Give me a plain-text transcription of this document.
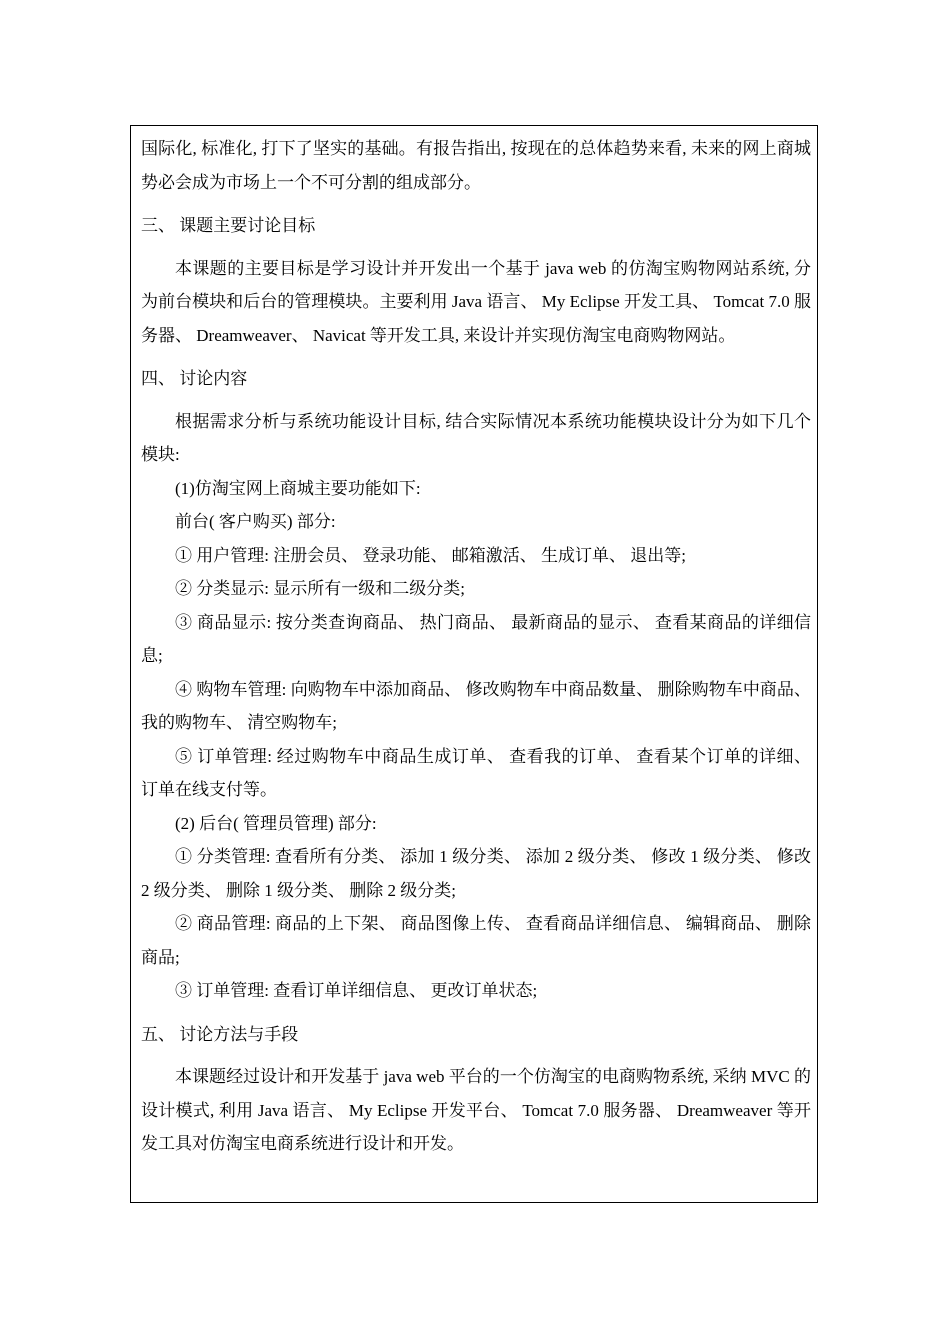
国际化, 标准化, 打下了坚实的基础。有报告指出, 按现在的总体趋势来看, 未来的网上商城势必会成为市场上一个不可分割的组成部分。

三、 课题主要讨论目标

本课题的主要目标是学习设计并开发出一个基于 java web 的仿淘宝购物网站系统, 分为前台模块和后台的管理模块。主要利用 Java 语言、 My Eclipse 开发工具、 Tomcat 7.0 服务器、 Dreamweaver、 Navicat 等开发工具, 来设计并实现仿淘宝电商购物网站。

四、 讨论内容

根据需求分析与系统功能设计目标, 结合实际情况本系统功能模块设计分为如下几个模块:

(1)仿淘宝网上商城主要功能如下:

前台( 客户购买) 部分:

① 用户管理: 注册会员、 登录功能、 邮箱激活、 生成订单、 退出等;

② 分类显示: 显示所有一级和二级分类;

③ 商品显示: 按分类查询商品、 热门商品、 最新商品的显示、 查看某商品的详细信息;

④ 购物车管理: 向购物车中添加商品、 修改购物车中商品数量、 删除购物车中商品、 我的购物车、 清空购物车;

⑤ 订单管理: 经过购物车中商品生成订单、 查看我的订单、 查看某个订单的详细、 订单在线支付等。

(2) 后台( 管理员管理) 部分:

① 分类管理: 查看所有分类、 添加 1 级分类、 添加 2 级分类、 修改 1 级分类、 修改 2 级分类、 删除 1 级分类、 删除 2 级分类;

② 商品管理: 商品的上下架、 商品图像上传、 查看商品详细信息、 编辑商品、 删除商品;

③ 订单管理: 查看订单详细信息、 更改订单状态;

五、 讨论方法与手段

本课题经过设计和开发基于 java web 平台的一个仿淘宝的电商购物系统, 采纳 MVC 的设计模式, 利用 Java 语言、 My Eclipse 开发平台、 Tomcat 7.0 服务器、 Dreamweaver 等开发工具对仿淘宝电商系统进行设计和开发。
